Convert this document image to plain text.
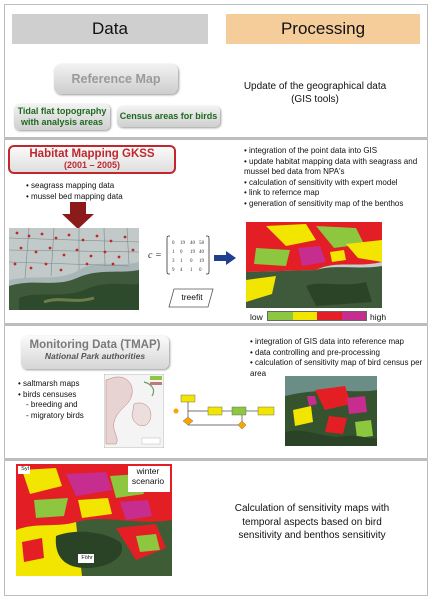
Data	Processing
Reference Map
Tidal flat topography with analysis areas
Census areas for birds
Update of the geographical data (GIS tools)
Habitat Mapping GKSS
(2001 – 2005)
• seagrass mapping data
• mussel bed mapping data
• integration of the point data into GIS
• update habitat mapping data with seagrass and mussel bed data from NPA's
• calculation of sensitivity with expert model
• link to refernce map
• generation of sensitivity map of the benthos
c =
0 19 40 58
1 0 19 40
3 1 0 19
9 4 1 0
treefit
low	high
Monitoring Data (TMAP)
National Park authorities
• saltmarsh maps
• birds censuses
- breeding and
- migratory birds
• integration of GIS data into reference map
• data controlling and pre-processing
• calculation of sensitivity map of bird census per area
winter scenario
Syl
Föhr
Calculation of sensitivity maps with temporal aspects based on bird sensitivity and benthos sensitivity
